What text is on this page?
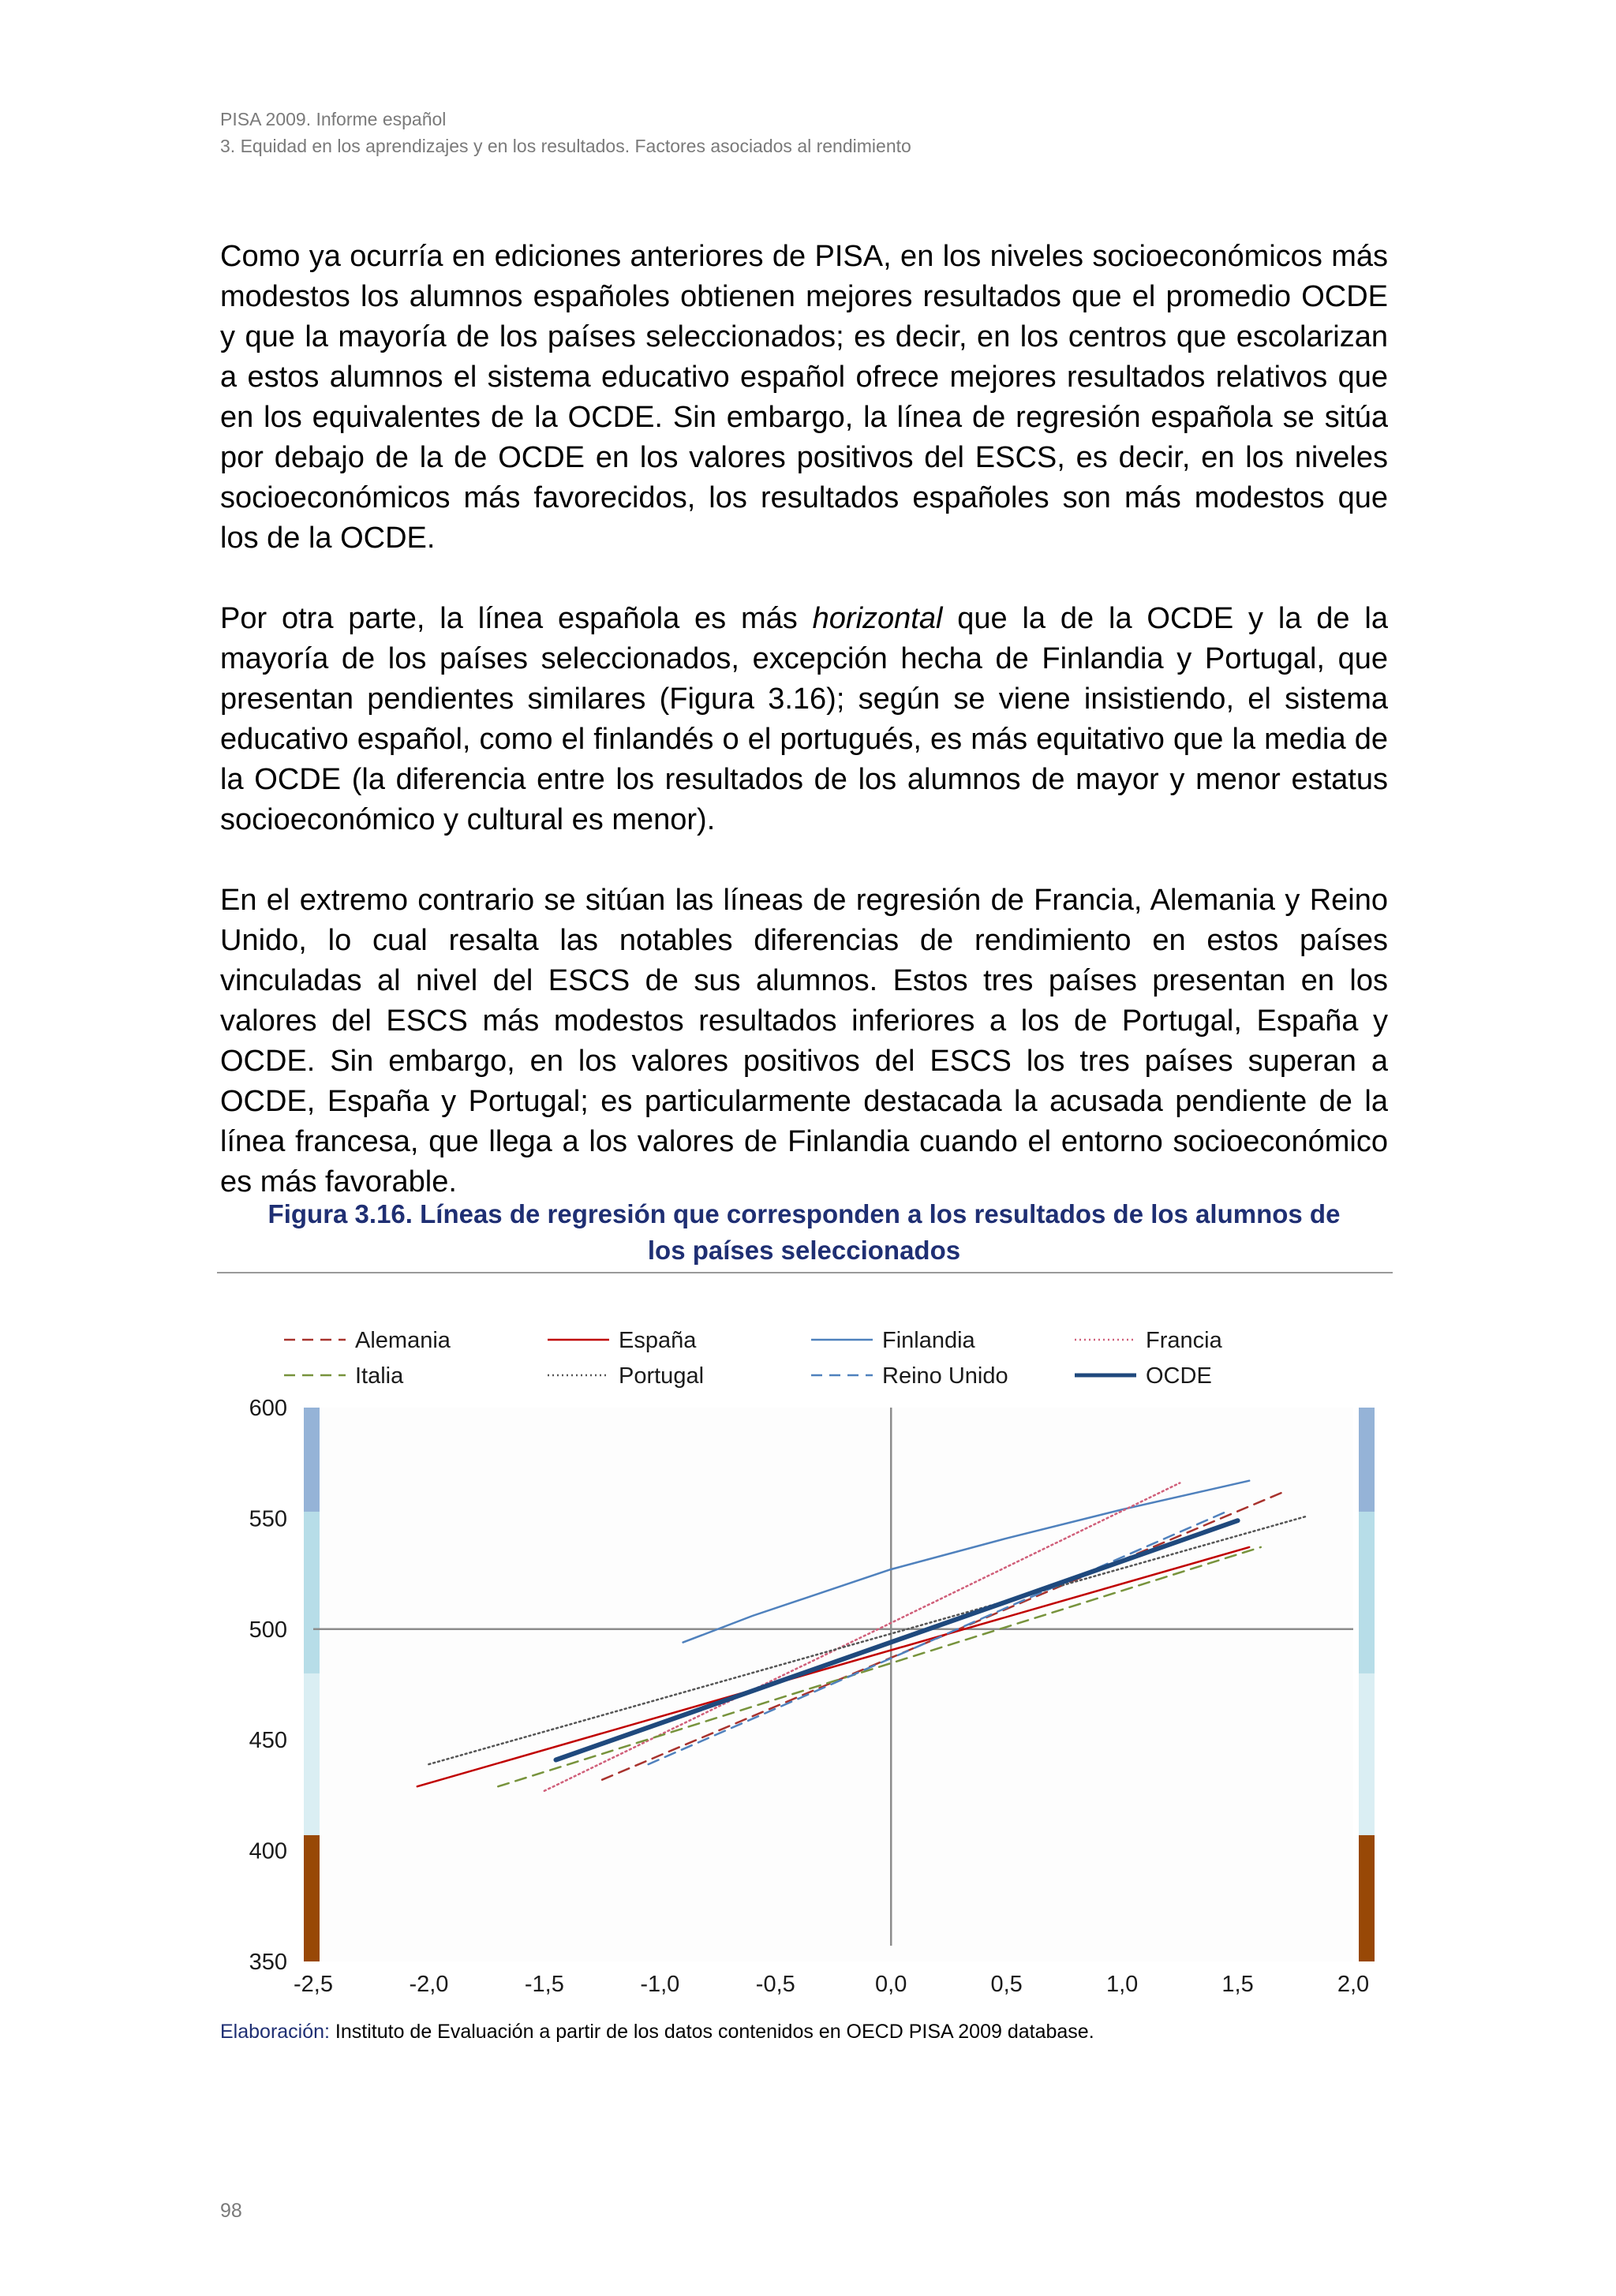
PISA 2009. Informe español
3. Equidad en los aprendizajes y en los resultados. Factores asociados al rendimiento

Como ya ocurría en ediciones anteriores de PISA, en los niveles socioeconómicos más modestos los alumnos españoles obtienen mejores resultados que el promedio OCDE y que la mayoría de los países seleccionados; es decir, en los centros que escolarizan a estos alumnos el sistema educativo español ofrece mejores resultados relativos que en los equivalentes de la OCDE. Sin embargo, la línea de regresión española se sitúa por debajo de la de OCDE en los valores positivos del ESCS, es decir, en los niveles socioeconómicos más favorecidos, los resultados españoles son más modestos que los de la OCDE.

Por otra parte, la línea española es más horizontal que la de la OCDE y la de la mayoría de los países seleccionados, excepción hecha de Finlandia y Portugal, que presentan pendientes similares (Figura 3.16); según se viene insistiendo, el sistema educativo español, como el finlandés o el portugués, es más equitativo que la media de la OCDE (la diferencia entre los resultados de los alumnos de mayor y menor estatus socioeconómico y cultural es menor).

En el extremo contrario se sitúan las líneas de regresión de Francia, Alemania y Reino Unido, lo cual resalta las notables diferencias de rendimiento en estos países vinculadas al nivel del ESCS de sus alumnos. Estos tres países presentan en los valores del ESCS más modestos resultados inferiores a los de Portugal, España y OCDE. Sin embargo, en los valores positivos del ESCS los tres países superan a OCDE, España y Portugal; es particularmente destacada la acusada pendiente de la línea francesa, que llega a los valores de Finlandia cuando el entorno socioeconómico es más favorable.

Figura 3.16. Líneas de regresión que corresponden a los resultados de los alumnos de
los países seleccionados
350
400
450
500
550
600
-2,5	-2,0	-1,5	-1,0	-0,5	0,0	0,5	1,0	1,5	2,0
Alemania	España	Finlandia	Francia
Italia	Portugal	Reino Unido	OCDE
Elaboración: Instituto de Evaluación a partir de los datos contenidos en OECD PISA 2009 database.
98
